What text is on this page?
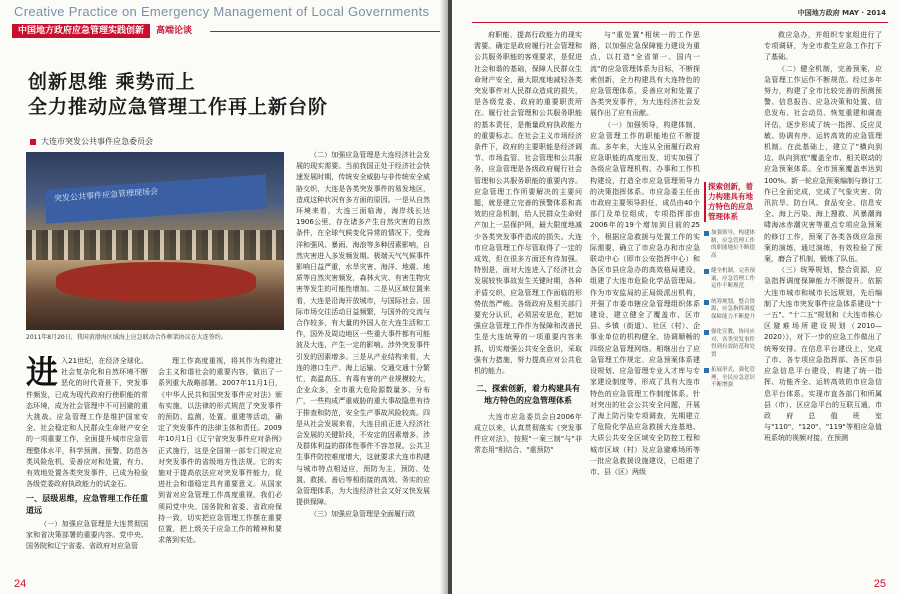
Creative Practice on Emergency Management of Local Governments
中国地方政府应急管理实践创新	高端论谈
创新思维 乘势而上
全力推动应急管理工作再上新台阶
大连市突发公共事件应急委员会
突发公共事件应急管理现场会
2011年8月20日，我国黄渤海区域海上应急联动合作框架协议在大连签约。
进 入21世纪，在经济全球化、社会复杂化和自然环境不断恶化的时代背景下，突发事件频发，已成为现代政府行使职能的常态环境，成为社会管理中不可回避的重大挑战。应急管理工作是维护国家安全、社会稳定和人民群众生命财产安全的一项重要工作，全面提升城市应急管理整体水平，科学预测、预警、防范各类风险危机，妥善应对和处置，有力、有效地处置各类突发事件，已成为检验各级党委政府执政能力的试金石。
一、层级思维，应急管理工作任重道远

（一）加强应急管理是大连贯彻国家和省决策部署的重要内容。党中央、国务院和辽宁省委、省政府对应急管

理工作高度重视，将其作为构建社会主义和谐社会的重要内容，做出了一系列重大战略部署。2007年11月1日，《中华人民共和国突发事件应对法》颁布实施，以法律的形式规范了突发事件的预防、监测、处置、重建等活动，确定了突发事件的法律主体和责任。2009年10月1日《辽宁省突发事件应对条例》正式施行，这是全国第一部专门规定应对突发事件的省级地方性法规。它的实施对于提高依法应对突发事件能力，促进社会和谐稳定具有重要意义。从国家到省对应急管理工作高度重视，我们必须同党中央、国务院和省委、省政府保持一致，切实把应急管理工作摆在重要位置，把上级关于应急工作的精神和要求落到实处。

（二）加强应急管理是大连经济社会发展的现实需要。当前我国正处于经济社会快速发展时期，传统安全威胁与非传统安全威胁交织，大连是各类突发事件的易发地区，造成这种状况有多方面的原因。一是从自然环境来看，大连三面临海，海岸线长达1906公里，存在诸多产生自然灾害的自然条件，在全球气候变化异常的情况下，受海洋和强风、暴雨、海浪等多种因素影响，自然灾害进入多发频发期。极端天气气候事件影响日益严重，水旱灾害、海洋、地震、地质等自然灾害频发，森林火灾、有害生物灾害等发生的可能性增加。二是从区域位置来看，大连是沿海开放城市，与国际社会、国际市场交往活动日益频繁，与国外的交流与合作较多，有大量的外国人在大连生活和工作，国外及周边地区一些重大事件都有可能波及大连，产生一定的影响。涉外突发事件引发的因素增多。三是从产业结构来看，大连的港口生产、海上运输、交通交通十分繁忙，高温高压、有毒有害的产业规模较大，企业众多，全市重大危险源数量多、分布广，一些构成严重威胁的重大事故隐患有待于排查和防范，安全生产事故风险较高。四是从社会发展来看，大连目前正进入经济社会发展的关键阶段，不安定的因素增多，涉及群体利益的群体性事件不容忽视。公共卫生事件防控难度增大，这就要求大连市构建与城市特点相适应，预防为主，预防、处置、救援、善后等相衔接的高效、务实的应急管理体系，为大连经济社会又好又快发展提供保障。

（三）加强应急管理是全面履行政

24
中国地方政府 MAY · 2014

府职能、提高行政能力的现实需要。确定是政府履行社会管理和公共服务职能的客观要求，是促进社会和谐的基础，保障人民群众生命财产安全，最大限度地减轻各类突发事件对人民群众造成的损失，是各级党委、政府的重要职责所在。履行社会管理和公共服务职能的基本责任，是衡量政府执政能力的重要标志。在社会主义市场经济条件下，政府的主要职能是经济调节、市场监管、社会管理和公共服务，应急管理是各级政府履行社会管理和公共服务职能的重要内容。应急管理工作所要解决的主要问题，就是建立完善的预警体系和高效的应急机制，给人民群众生命财产加上一层保护网，最大限度地减少各类突发事件造成的损失。大连市应急管理工作尽管取得了一定的成效，但在很多方面还有待加强。特别是，面对大连进入了经济社会发展较快事故发生关键时期，各种矛盾交织，应急管理工作面临的形势依然严峻。各级政府及相关部门要充分认识，必须居安思危，把加强应急管理工作作为保障和改善民生是大连统筹的一项重要内容来抓，切实增强公共安全意识，采取强有力措施，努力提高应对公共危机的能力。

二、探索创新，着力构建具有地方特色的应急管理体系

大连市应急委员会自2006年成立以来，认真贯彻落实《突发事件应对法》，按照"一案三制"与"非常态用"相结合、"重预防"

与"重处置"相统一的工作思路，以加强应急保障能力建设为重点，以打造"全省第一、国内一流"的应急管理体系为目标，不断探索创新，全力构建具有大连特色的应急管理体系，妥善应对和处置了各类突发事件，为大连经济社会发展作出了应有贡献。

（一）加强领导，构建体制，应急管理工作的职能地位不断提高。多年来，大连从全面履行政府应急职能的高度出发，切实加强了各级应急管理机构、办事和工作机构建设，打造全市应急管理领导力的决策指挥体系。市应急委主任由市政府主要领导担任，成员由40个部门及单位组成，专项指挥部由2006年的19个增加到目前的25个，根据应急救援与处置工作的实际需要，确立了市应急办和市应急联动中心（即市公安指挥中心）和各区市县应急办的高效格局建设，组建了大连市危险化学品管理局。作为市安监局的正局级派出机构，并强了市委市辖应急管理组织体系建设，建立健全了覆盖市、区市县、乡镇（街道）、社区（村）、企事业单位的机构健全、协调顺畅的四级应急管理网络。相继出台了应急管理工作规定、应急预案体系建设规划、应急管理专业人才库与专家建设制度等，形成了具有大连市特色的应急管理工作制度体系。针对突出的社会公共安全问题，开展了海上防污染专项调查，先期建立了危险化学品应急救援大连基地、大质公共安全区域安全防控工程和城市区域（村）及应急避难场所等一批应急救援设施建设，已组建了市、县（区）两级

探索创新，着力构建具有地方特色的应急管理体系
加强领导，构建体制，应急管理工作的职能地位不断提高
健全机制，完善预案，应急管理工作运作不断规范
统筹规划，整合资源，应急指挥调度保障能力不断提升
强化宣教，协同应对，各类突发事件得到有效防范和处置
拓展形式，强化管理，全民应急意识不断增强

救应急办，并组织专家组进行了专项调研，为全市救生应急工作打下了基础。

（二）健全机制，完善预案，应急管理工作运作不断规范。经过多年努力，构建了全市比较完善的预测预警、信息报告、应急决策和处置、信息发布、社会动员、恢复重建和调查评估，逐步形成了统一指挥、反应灵敏、协调有序、运转高效的应急管理机制。在此基础上，建立了"横向到边、纵向到底"覆盖全市、相关联动的应急预案体系。全市预案覆盖率达到100%。新一轮应急预案编制与修订工作已全面完成，完成了气象灾害、防汛抗旱、防台风、食品安全、信息安全、海上污染、海上搜救、风暴潮海啸海冰赤潮灾害等重点专项应急预案的修订工作，预案了各类各级应急预案的演练，通过演练，有效检验了预案，磨合了机制，锻炼了队伍。

（三）统筹规划，整合资源，应急指挥调度保障能力不断提升。依据大连市城市和城市长远规划，先后编制了大连市突发事件应急体系建设"十一五"、"十二五"规划和《大连市核心区避难场所建设规划（2010—2020）》，对下一步的应急工作做出了统筹安排。在信息平台建设上，完成了市、各专项应急指挥部、各区市县应急信息平台建设，构建了统一指挥、功能齐全、运转高效的市应急信息平台体系。实现市直各部门和所属县（市）、区应急平台的互联互通，市政府总值班室与"110"、"120"、"119"等相应急值班系统的视频对接，在预测

25
